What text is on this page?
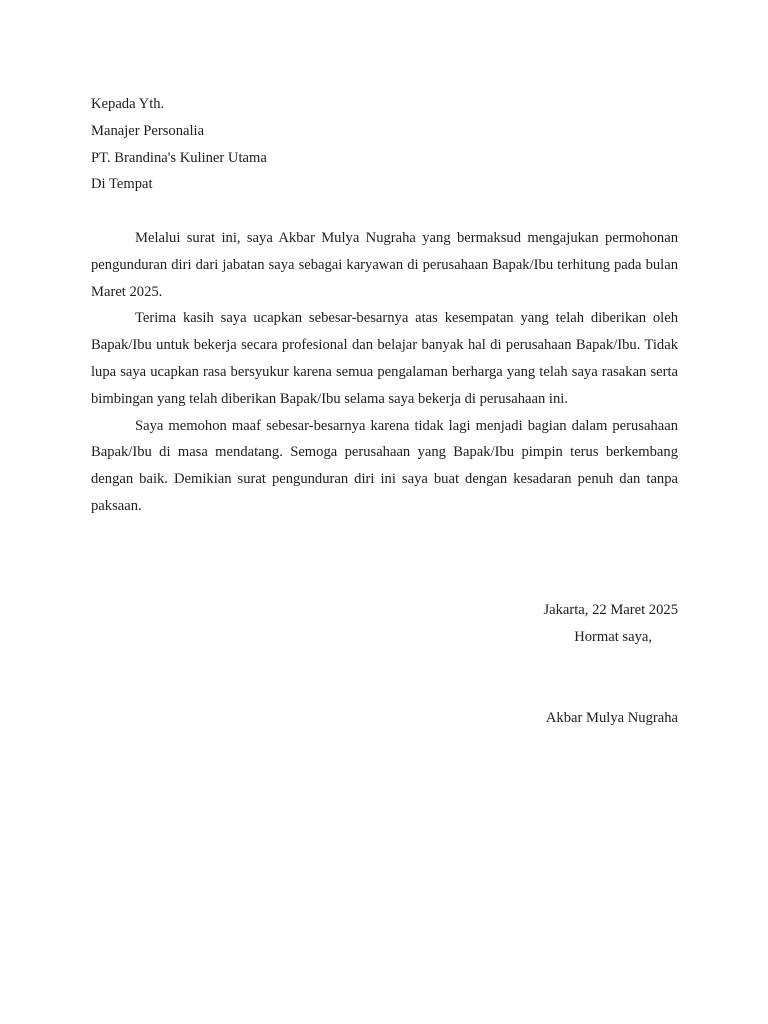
Kepada Yth.
Manajer Personalia
PT. Brandina's Kuliner Utama
Di Tempat

Melalui surat ini, saya Akbar Mulya Nugraha yang bermaksud mengajukan permohonan pengunduran diri dari jabatan saya sebagai karyawan di perusahaan Bapak/Ibu terhitung pada bulan Maret 2025.

Terima kasih saya ucapkan sebesar-besarnya atas kesempatan yang telah diberikan oleh Bapak/Ibu untuk bekerja secara profesional dan belajar banyak hal di perusahaan Bapak/Ibu. Tidak lupa saya ucapkan rasa bersyukur karena semua pengalaman berharga yang telah saya rasakan serta bimbingan yang telah diberikan Bapak/Ibu selama saya bekerja di perusahaan ini.

Saya memohon maaf sebesar-besarnya karena tidak lagi menjadi bagian dalam perusahaan Bapak/Ibu di masa mendatang. Semoga perusahaan yang Bapak/Ibu pimpin terus berkembang dengan baik. Demikian surat pengunduran diri ini saya buat dengan kesadaran penuh dan tanpa paksaan.

Jakarta, 22 Maret 2025
Hormat saya,
Akbar Mulya Nugraha
